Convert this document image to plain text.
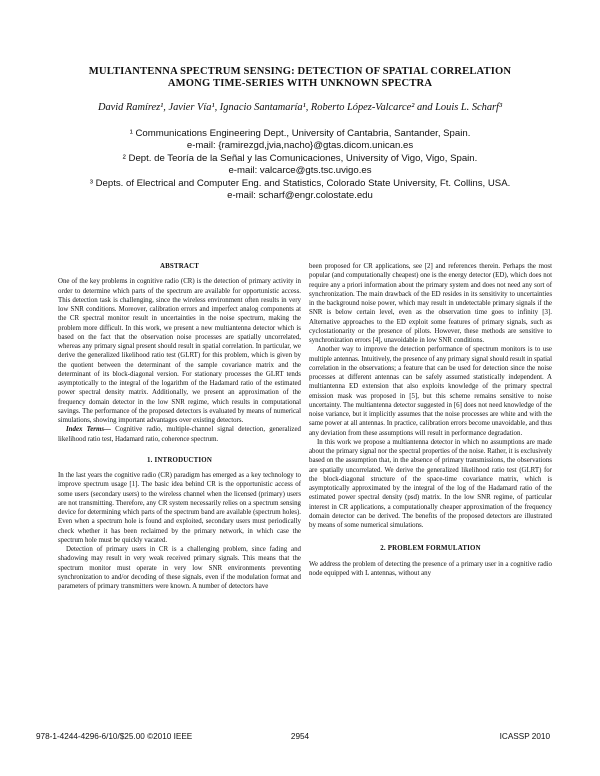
MULTIANTENNA SPECTRUM SENSING: DETECTION OF SPATIAL CORRELATION
AMONG TIME-SERIES WITH UNKNOWN SPECTRA
David Ramírez¹, Javier Vía¹, Ignacio Santamaría¹, Roberto López-Valcarce² and Louis L. Scharf³
¹ Communications Engineering Dept., University of Cantabria, Santander, Spain.
e-mail: {ramirezgd,jvia,nacho}@gtas.dicom.unican.es
² Dept. de Teoría de la Señal y las Comunicaciones, University of Vigo, Vigo, Spain.
e-mail: valcarce@gts.tsc.uvigo.es
³ Depts. of Electrical and Computer Eng. and Statistics, Colorado State University, Ft. Collins, USA.
e-mail: scharf@engr.colostate.edu
ABSTRACT

One of the key problems in cognitive radio (CR) is the detection of primary activity in order to determine which parts of the spectrum are available for opportunistic access. This detection task is challenging, since the wireless environment often results in very low SNR conditions. Moreover, calibration errors and imperfect analog components at the CR spectral monitor result in uncertainties in the noise spectrum, making the problem more difficult. In this work, we present a new multiantenna detector which is based on the fact that the observation noise processes are spatially uncorrelated, whereas any primary signal present should result in spatial correlation. In particular, we derive the generalized likelihood ratio test (GLRT) for this problem, which is given by the quotient between the determinant of the sample covariance matrix and the determinant of its block-diagonal version. For stationary processes the GLRT tends asymptotically to the integral of the logarithm of the Hadamard ratio of the estimated power spectral density matrix. Additionally, we present an approximation of the frequency domain detector in the low SNR regime, which results in computational savings. The performance of the proposed detectors is evaluated by means of numerical simulations, showing important advantages over existing detectors.

Index Terms— Cognitive radio, multiple-channel signal detection, generalized likelihood ratio test, Hadamard ratio, coherence spectrum.

1. INTRODUCTION

In the last years the cognitive radio (CR) paradigm has emerged as a key technology to improve spectrum usage [1]. The basic idea behind CR is the opportunistic access of some users (secondary users) to the wireless channel when the licensed (primary) users are not transmitting. Therefore, any CR system necessarily relies on a spectrum sensing device for determining which parts of the spectrum band are available (spectrum holes). Even when a spectrum hole is found and exploited, secondary users must periodically check whether it has been reclaimed by the primary network, in which case the spectrum hole must be quickly vacated.

Detection of primary users in CR is a challenging problem, since fading and shadowing may result in very weak received primary signals. This means that the spectrum monitor must operate in very low SNR environments preventing synchronization to and/or decoding of these signals, even if the modulation format and parameters of primary transmitters were known. A number of detectors have

been proposed for CR applications, see [2] and references therein. Perhaps the most popular (and computationally cheapest) one is the energy detector (ED), which does not require any a priori information about the primary system and does not need any sort of synchronization. The main drawback of the ED resides in its sensitivity to uncertainties in the background noise power, which may result in undetectable primary signals if the SNR is below certain level, even as the observation time goes to infinity [3]. Alternative approaches to the ED exploit some features of primary signals, such as cyclostationarity or the presence of pilots. However, these methods are sensitive to synchronization errors [4], unavoidable in low SNR conditions.

Another way to improve the detection performance of spectrum monitors is to use multiple antennas. Intuitively, the presence of any primary signal should result in spatial correlation in the observations; a feature that can be used for detection since the noise processes at different antennas can be safely assumed statistically independent. A multiantenna ED extension that also exploits knowledge of the primary spectral emission mask was proposed in [5], but this scheme remains sensitive to noise uncertainty. The multiantenna detector suggested in [6] does not need knowledge of the noise variance, but it implicitly assumes that the noise processes are white and with the same power at all antennas. In practice, calibration errors become unavoidable, and thus any deviation from these assumptions will result in performance degradation.

In this work we propose a multiantenna detector in which no assumptions are made about the primary signal nor the spectral properties of the noise. Rather, it is exclusively based on the assumption that, in the absence of primary transmissions, the observations are spatially uncorrelated. We derive the generalized likelihood ratio test (GLRT) for the block-diagonal structure of the space-time covariance matrix, which is asymptotically approximated by the integral of the log of the Hadamard ratio of the estimated power spectral density (psd) matrix. In the low SNR regime, of particular interest in CR applications, a computationally cheaper approximation of the frequency domain detector can be derived. The benefits of the proposed detectors are illustrated by means of some numerical simulations.

2. PROBLEM FORMULATION

We address the problem of detecting the presence of a primary user in a cognitive radio node equipped with L antennas, without any

978-1-4244-4296-6/10/$25.00 ©2010 IEEE	2954	ICASSP 2010
